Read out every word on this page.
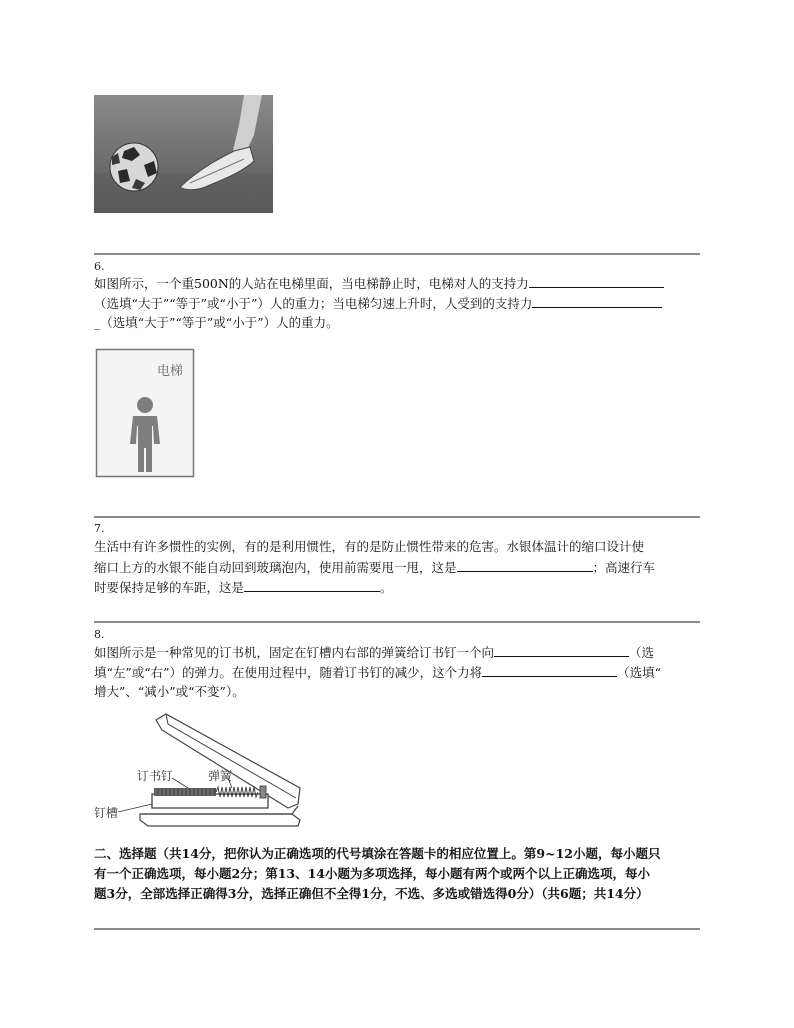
6.
如图所示，一个重500N的人站在电梯里面，当电梯静止时，电梯对人的支持力
（选填“大于”“等于”或“小于”）人的重力；当电梯匀速上升时，人受到的支持力
_（选填“大于”“等于”或“小于”）人的重力。
电梯
7.
生活中有许多惯性的实例，有的是利用惯性，有的是防止惯性带来的危害。水银体温计的缩口设计使
缩口上方的水银不能自动回到玻璃泡内，使用前需要甩一甩，这是	；高速行车
时要保持足够的车距，这是	。
8.
如图所示是一种常见的订书机，固定在钉槽内右部的弹簧给订书钉一个向	（选
填“左”或“右”）的弹力。在使用过程中，随着订书钉的减少，这个力将	（选填“
增大”、“减小”或“不变”）。
订书钉	弹簧
钉槽
二、选择题（共14分，把你认为正确选项的代号填涂在答题卡的相应位置上。第9~12小题，每小题只
有一个正确选项，每小题2分；第13、14小题为多项选择，每小题有两个或两个以上正确选项，每小
题3分，全部选择正确得3分，选择正确但不全得1分，不选、多选或错选得0分）（共6题；共14分）
